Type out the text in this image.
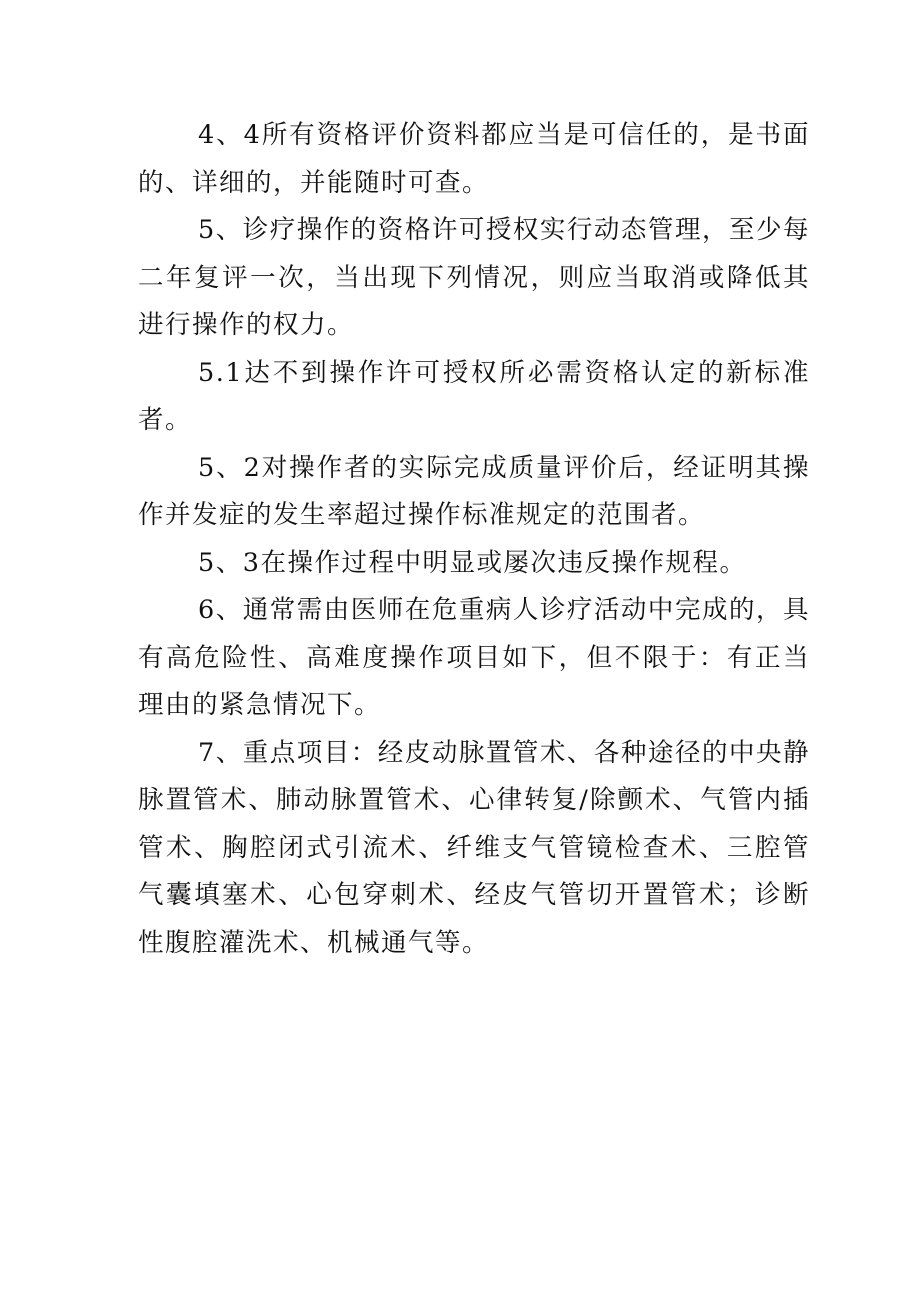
4、4所有资格评价资料都应当是可信任的，是书面的、详细的，并能随时可查。

5、诊疗操作的资格许可授权实行动态管理，至少每二年复评一次，当出现下列情况，则应当取消或降低其进行操作的权力。

5.1达不到操作许可授权所必需资格认定的新标准者。

5、2对操作者的实际完成质量评价后，经证明其操作并发症的发生率超过操作标准规定的范围者。

5、3在操作过程中明显或屡次违反操作规程。

6、通常需由医师在危重病人诊疗活动中完成的，具有高危险性、高难度操作项目如下，但不限于：有正当理由的紧急情况下。

7、重点项目：经皮动脉置管术、各种途径的中央静脉置管术、肺动脉置管术、心律转复/除颤术、气管内插管术、胸腔闭式引流术、纤维支气管镜检查术、三腔管气囊填塞术、心包穿刺术、经皮气管切开置管术；诊断性腹腔灌洗术、机械通气等。
